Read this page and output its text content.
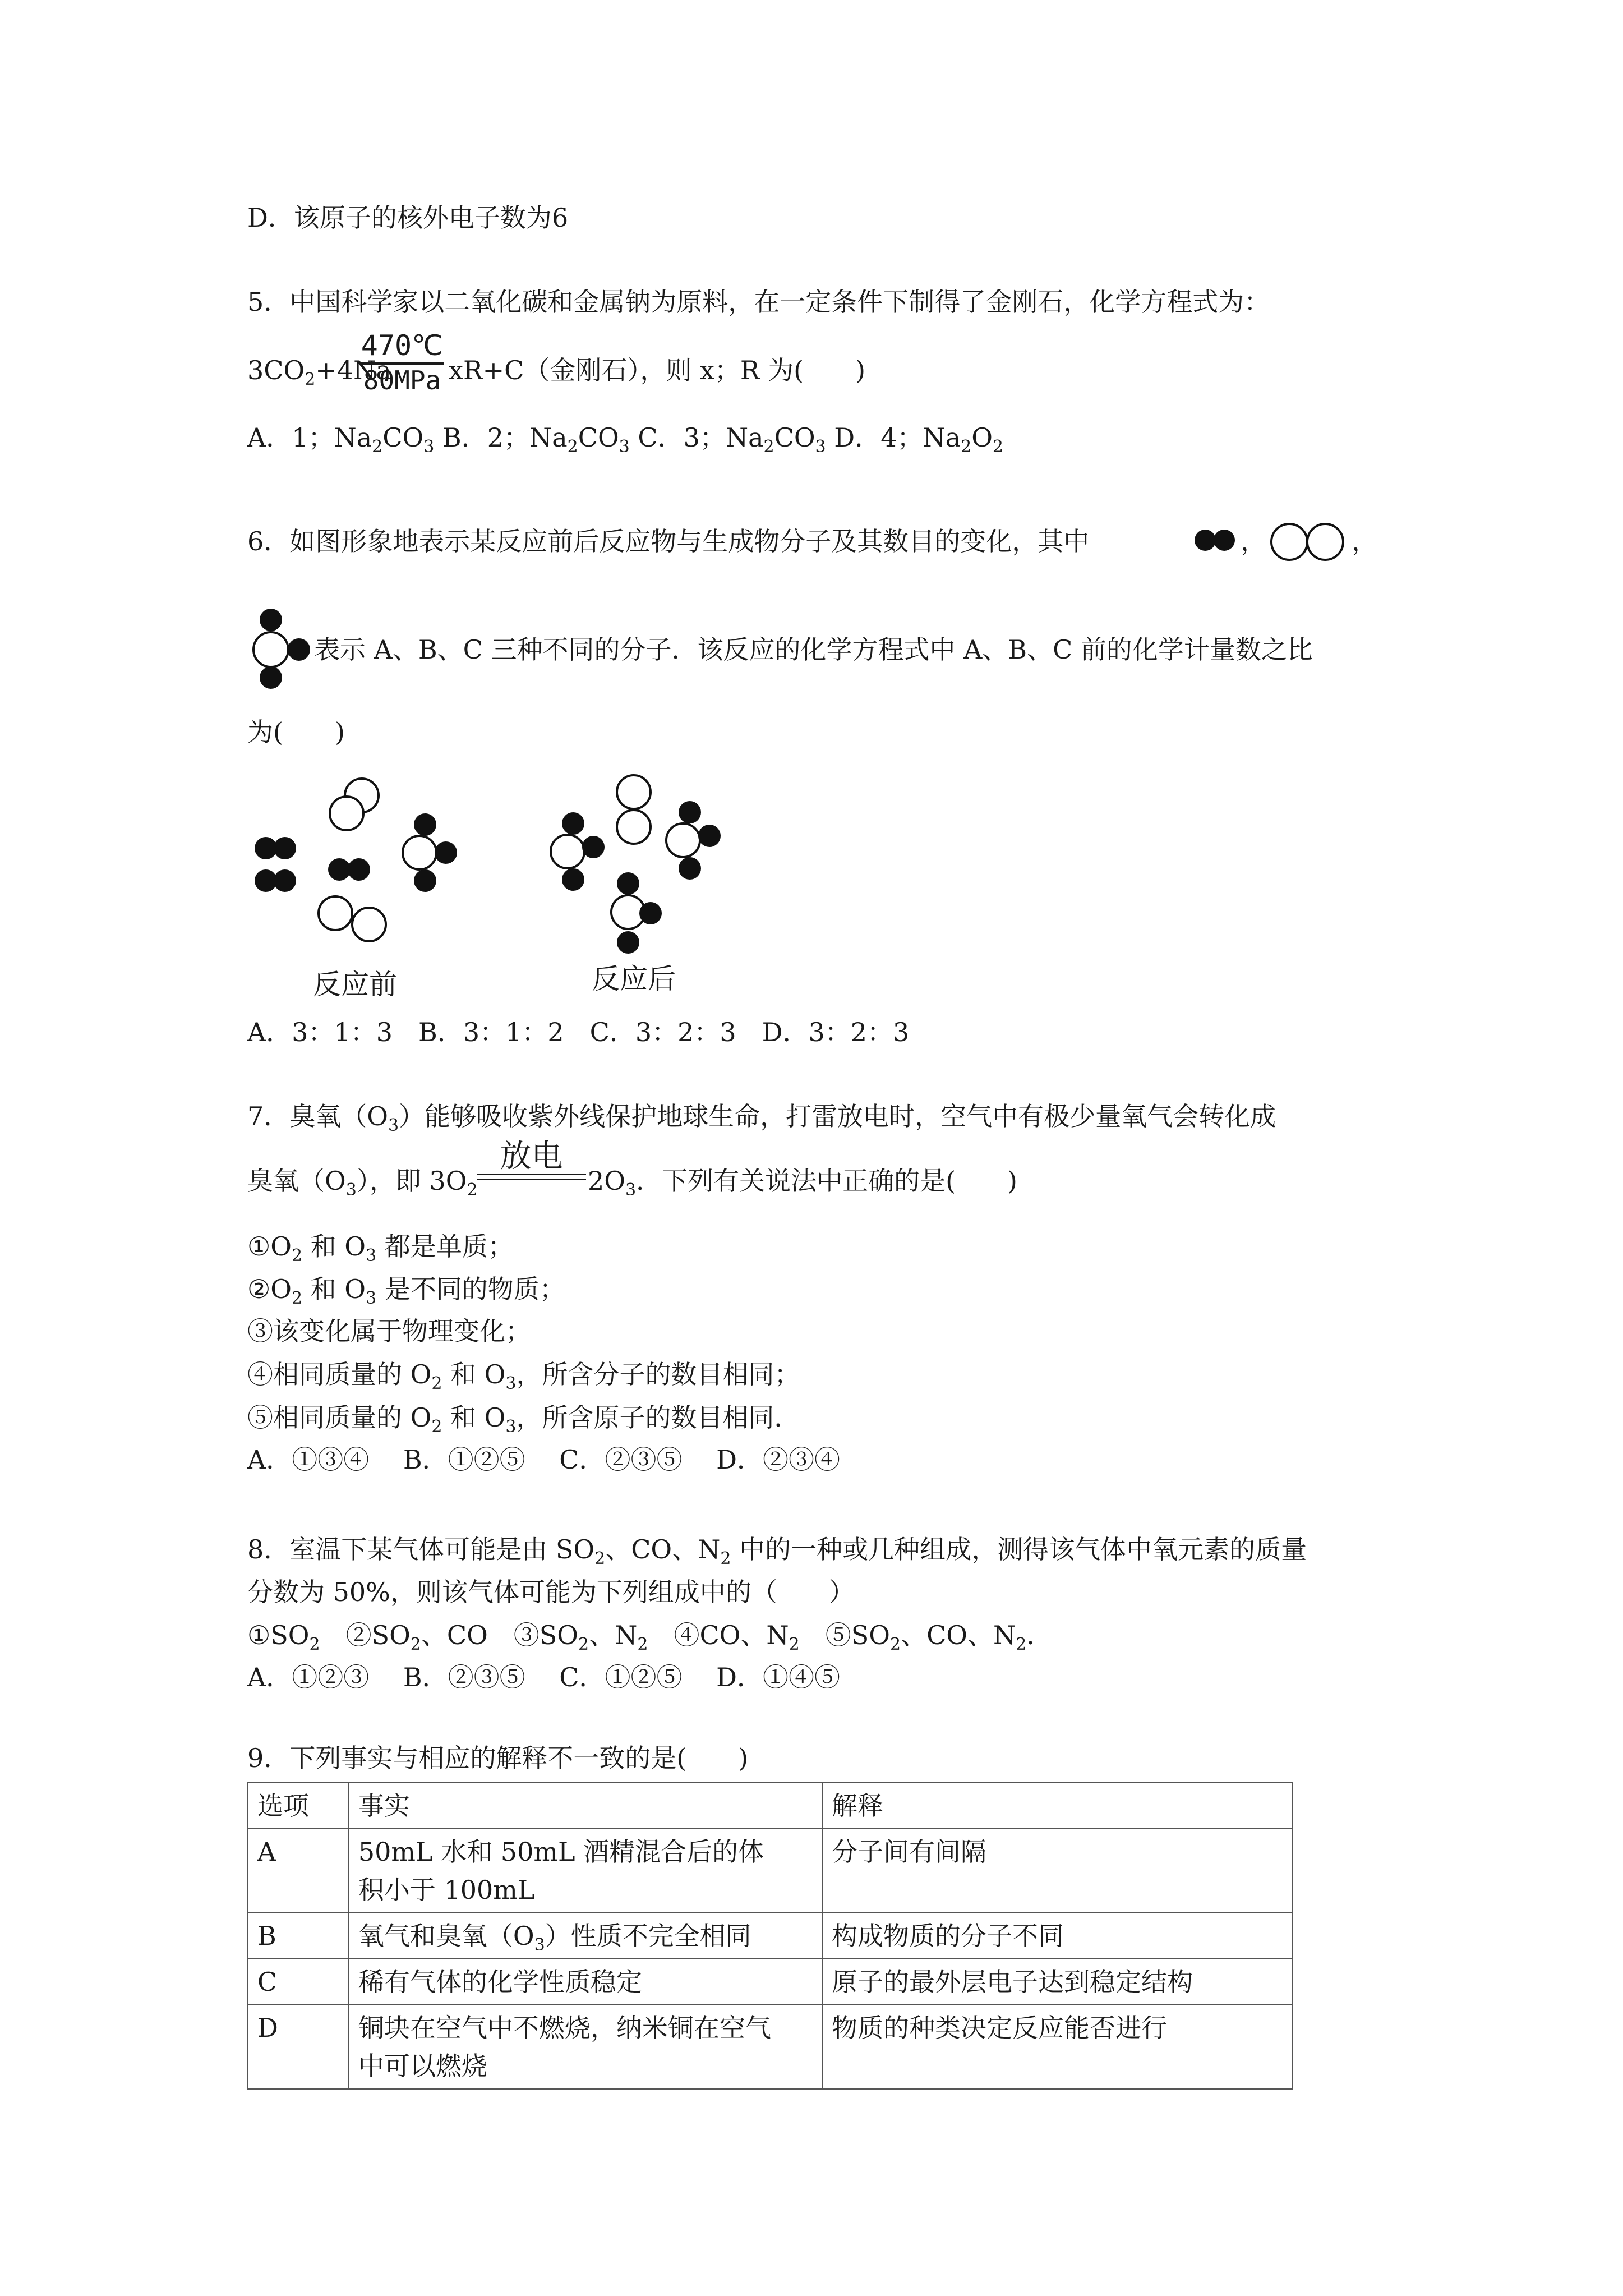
D．该原子的核外电子数为6
5．中国科学家以二氧化碳和金属钠为原料，在一定条件下制得了金刚石，化学方程式为：
$3CO_2+4Na$
470℃
80MPa xR+C（金刚石），则 x；R 为(　　)
A．1；$Na_2CO_3$ B．2；$Na_2CO_3$ C．3；$Na_2CO_3$ D．4；$Na_2O_2$
6．如图形象地表示某反应前后反应物与生成物分子及其数目的变化，其中	，	，
表示 A、B、C 三种不同的分子．该反应的化学方程式中 A、B、C 前的化学计量数之比
为(　　)
反应前	反应后
A．3：1：3　B．3：1：2　C．3：2：3　D．3：2：3
7．臭氧$(O_3)$能够吸收紫外线保护地球生命，打雷放电时，空气中有极少量氧气会转化成
臭氧$(O_3)$，即 $3O_2$
放电
$2O_3$．下列有关说法中正确的是(　　)
$①O_2$ 和 $O_3$ 都是单质；
$②O_2$ 和 $O_3$ 是不同的物质；
③该变化属于物理变化；
④相同质量的 $O_2$ 和 $O_3$，所含分子的数目相同；
⑤相同质量的 $O_2$ 和 $O_3$，所含原子的数目相同．
A．①③④　 B．①②⑤　 C．②③⑤　 D．②③④
8．室温下某气体可能是由 $SO_2$、CO、$N_2$ 中的一种或几种组成，测得该气体中氧元素的质量
分数为 50%，则该气体可能为下列组成中的（　　）
$①SO_2$　$②SO_2$、CO　$③SO_2$、$N_2$　④CO、$N_2$　$⑤SO_2$、CO、$N_2$．
A．①②③　 B．②③⑤　 C．①②⑤　 D．①④⑤
9．下列事实与相应的解释不一致的是(　　)
选项	事实	解释
A	50mL 水和 50mL 酒精混合后的体积小于 100mL	分子间有间隔
B	氧气和臭氧$(O_3)$性质不完全相同	构成物质的分子不同
C	稀有气体的化学性质稳定	原子的最外层电子达到稳定结构
D	铜块在空气中不燃烧，纳米铜在空气中可以燃烧	物质的种类决定反应能否进行
